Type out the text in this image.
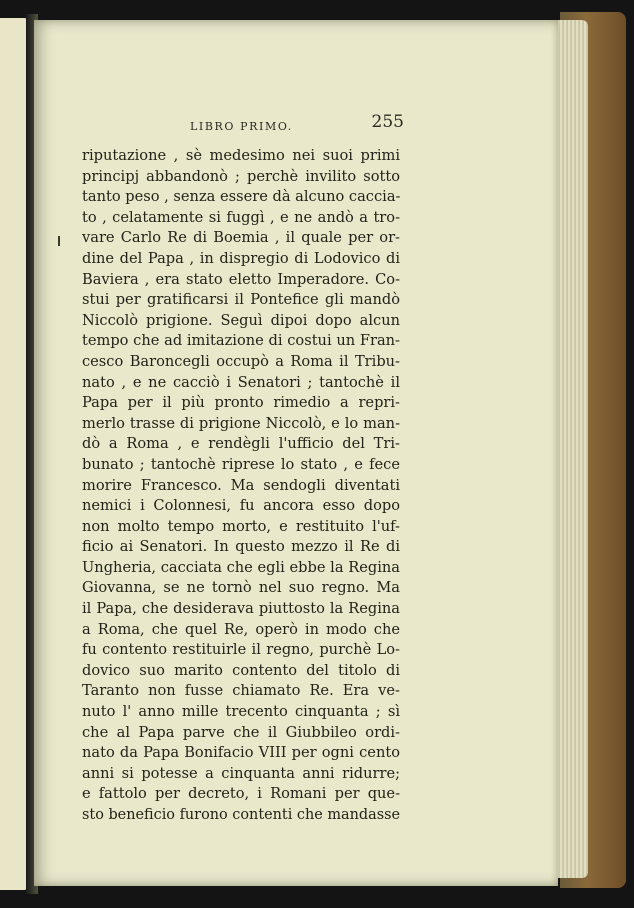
LIBRO PRIMO.	255
riputazione , sè medesimo nei suoi primi
principj abbandonò ; perchè invilito sotto
tanto peso , senza essere dà alcuno caccia-
to , celatamente si fuggì , e ne andò a tro-
vare Carlo Re di Boemia , il quale per or-
dine del Papa , in dispregio di Lodovico di
Baviera , era stato eletto Imperadore. Co-
stui per gratificarsi il Pontefice gli mandò
Niccolò prigione. Seguì dipoi dopo alcun
tempo che ad imitazione di costui un Fran-
cesco Baroncegli occupò a Roma il Tribu-
nato , e ne cacciò i Senatori ; tantochè il
Papa per il più pronto rimedio a repri-
merlo trasse di prigione Niccolò, e lo man-
dò a Roma , e rendègli l'ufficio del Tri-
bunato ; tantochè riprese lo stato , e fece
morire Francesco. Ma sendogli diventati
nemici i Colonnesi, fu ancora esso dopo
non molto tempo morto, e restituito l'uf-
ficio ai Senatori. In questo mezzo il Re di
Ungheria, cacciata che egli ebbe la Regina
Giovanna, se ne tornò nel suo regno. Ma
il Papa, che desiderava piuttosto la Regina
a Roma, che quel Re, operò in modo che
fu contento restituirle il regno, purchè Lo-
dovico suo marito contento del titolo di
Taranto non fusse chiamato Re. Era ve-
nuto l' anno mille trecento cinquanta ; sì
che al Papa parve che il Giubbileo ordi-
nato da Papa Bonifacio VIII per ogni cento
anni si potesse a cinquanta anni ridurre;
e fattolo per decreto, i Romani per que-
sto beneficio furono contenti che mandasse
